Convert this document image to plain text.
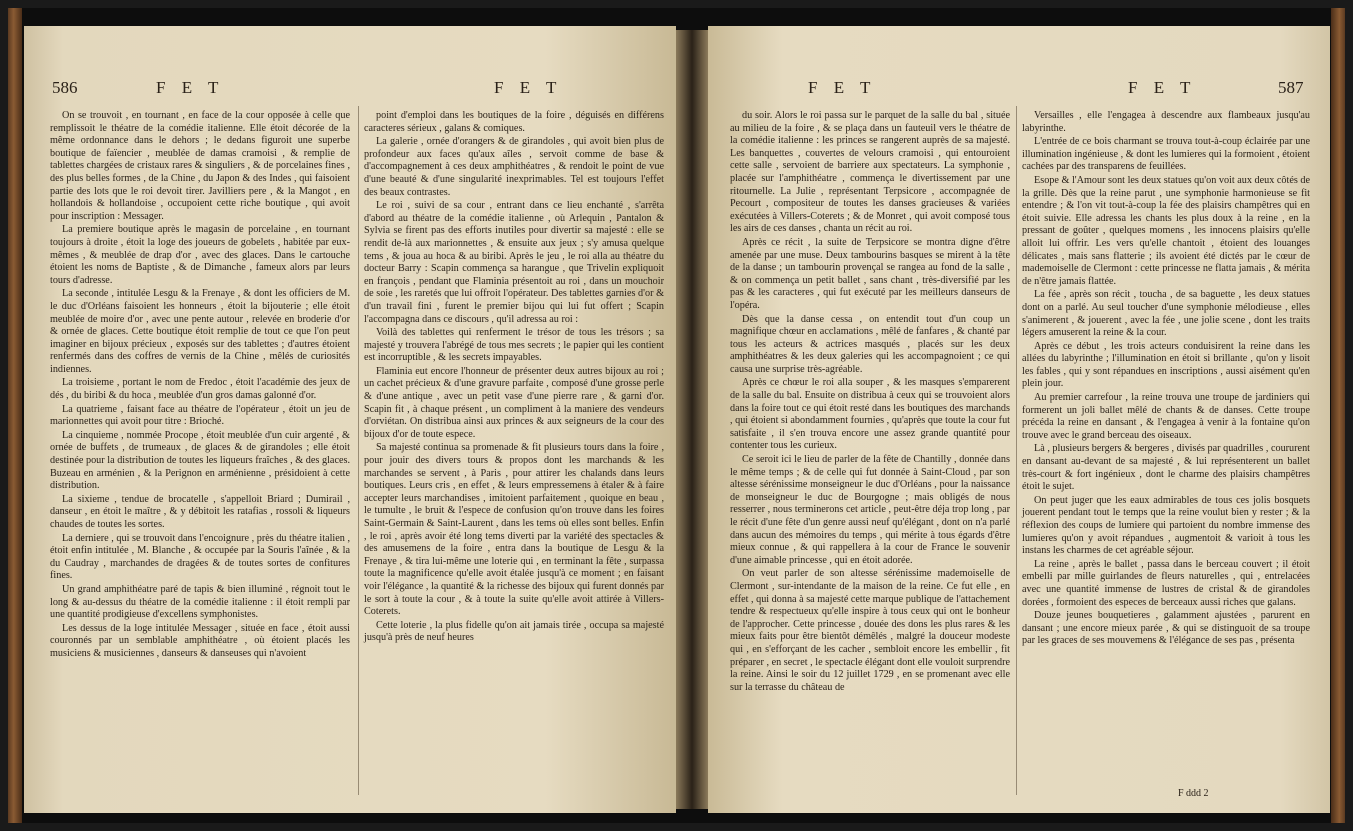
586	F E T	F E T

On se trouvoit , en tournant , en face de la cour opposée à celle que remplissoit le théatre de la comédie italienne. Elle étoit décorée de la même ordonnance dans le dehors ; le dedans figuroit une superbe boutique de faïencier , meublée de damas cramoisi , & remplie de tablettes chargées de cristaux rares & singuliers , & de porcelaines fines , des plus belles formes , de la Chine , du Japon & des Indes , qui faisoient partie des lots que le roi devoit tirer. Javilliers pere , & la Mangot , en hollandois & hollandoise , occupoient cette riche boutique , qui avoit pour inscription : Messager.

La premiere boutique après le magasin de porcelaine , en tournant toujours à droite , étoit la loge des joueurs de gobelets , habitée par eux-mêmes , & meublée de drap d'or , avec des glaces. Dans le cartouche étoient les noms de Baptiste , & de Dimanche , fameux alors par leurs tours d'adresse.

La seconde , intitulée Lesgu & la Frenaye , & dont les officiers de M. le duc d'Orléans faisoient les honneurs , étoit la bijouterie ; elle étoit meublée de moire d'or , avec une pente autour , relevée en broderie d'or & ornée de glaces. Cette boutique étoit remplie de tout ce que l'on peut imaginer en bijoux précieux , exposés sur des tablettes ; d'autres étoient renfermés dans des coffres de vernis de la Chine , mêlés de curiosités indiennes.

La troisieme , portant le nom de Fredoc , étoit l'académie des jeux de dés , du biribi & du hoca , meublée d'un gros damas galonné d'or.

La quatrieme , faisant face au théatre de l'opérateur , étoit un jeu de marionnettes qui avoit pour titre : Brioché.

La cinquieme , nommée Procope , étoit meublée d'un cuir argenté , & ornée de buffets , de trumeaux , de glaces & de girandoles ; elle étoit destinée pour la distribution de toutes les liqueurs fraîches , & des glaces. Buzeau en arménien , & la Perignon en arménienne , présidoient à cette distribution.

La sixieme , tendue de brocatelle , s'appelloit Briard ; Dumirail , danseur , en étoit le maître , & y débitoit les ratafias , rossoli & liqueurs chaudes de toutes les sortes.

La derniere , qui se trouvoit dans l'encoignure , près du théatre italien , étoit enfin intitulée , M. Blanche , & occupée par la Souris l'aînée , & la du Caudray , marchandes de dragées & de toutes sortes de confitures fines.

Un grand amphithéatre paré de tapis & bien illuminé , régnoit tout le long & au-dessus du théatre de la comédie italienne : il étoit rempli par une quantité prodigieuse d'excellens symphonistes.

Les dessus de la loge intitulée Messager , située en face , étoit aussi couronnés par un semblable amphithéatre , où étoient placés les musiciens & musiciennes , danseurs & danseuses qui n'avoient

point d'emploi dans les boutiques de la foire , déguisés en différens caracteres sérieux , galans & comiques.

La galerie , ornée d'orangers & de girandoles , qui avoit bien plus de profondeur aux faces qu'aux aîles , servoit comme de base & d'accompagnement à ces deux amphithéatres , & rendoit le point de vue d'une beauté & d'une singularité inexprimables. Tel est toujours l'effet des beaux contrastes.

Le roi , suivi de sa cour , entrant dans ce lieu enchanté , s'arrêta d'abord au théatre de la comédie italienne , où Arlequin , Pantalon & Sylvia se firent pas des efforts inutiles pour divertir sa majesté : elle se rendit de-là aux marionnettes , & ensuite aux jeux ; s'y amusa quelque tems , & joua au hoca & au biribi. Après le jeu , le roi alla au théatre du docteur Barry : Scapin commença sa harangue , que Trivelin expliquoit en françois , pendant que Flaminia présentoit au roi , dans un mouchoir de soie , les raretés que lui offroit l'opérateur. Des tablettes garnies d'or & d'un travail fini , furent le premier bijou qui lui fut offert ; Scapin l'accompagna dans ce discours , qu'il adressa au roi :

Voilà des tablettes qui renferment le trésor de tous les trésors ; sa majesté y trouvera l'abrégé de tous mes secrets ; le papier qui les contient est incorruptible , & les secrets impayables.

Flaminia eut encore l'honneur de présenter deux autres bijoux au roi ; un cachet précieux & d'une gravure parfaite , composé d'une grosse perle & d'une antique , avec un petit vase d'une pierre rare , & garni d'or. Scapin fit , à chaque présent , un compliment à la maniere des vendeurs d'orviétan. On distribua ainsi aux princes & aux seigneurs de la cour des bijoux d'or de toute espece.

Sa majesté continua sa promenade & fit plusieurs tours dans la foire , pour jouir des divers tours & propos dont les marchands & les marchandes se servent , à Paris , pour attirer les chalands dans leurs boutiques. Leurs cris , en effet , & leurs empressemens à étaler & à faire accepter leurs marchandises , imitoient parfaitement , quoique en beau , le tumulte , le bruit & l'espece de confusion qu'on trouve dans les foires Saint-Germain & Saint-Laurent , dans les tems où elles sont belles. Enfin , le roi , après avoir été long tems diverti par la variété des spectacles & des amusemens de la foire , entra dans la boutique de Lesgu & la Frenaye , & tira lui-même une loterie qui , en terminant la fête , surpassa toute la magnificence qu'elle avoit étalée jusqu'à ce moment ; en faisant voir l'élégance , la quantité & la richesse des bijoux qui furent donnés par le sort à toute la cour , & à toute la suite qu'elle avoit attirée à Villers-Coterets.

Cette loterie , la plus fidelle qu'on ait jamais tirée , occupa sa majesté jusqu'à près de neuf heures

F E T	F E T	587

du soir. Alors le roi passa sur le parquet de la salle du bal , située au milieu de la foire , & se plaça dans un fauteuil vers le théatre de la comédie italienne : les princes se rangerent auprès de sa majesté. Les banquettes , couvertes de velours cramoisi , qui entouroient cette salle , servoient de barriere aux spectateurs. La symphonie , placée sur l'amphithéatre , commença le divertissement par une ritournelle. La Julie , représentant Terpsicore , accompagnée de Pecourt , compositeur de toutes les danses gracieuses & variées exécutées à Villers-Coterets ; & de Monret , qui avoit composé tous les airs de ces danses , chanta un récit au roi.

Après ce récit , la suite de Terpsicore se montra digne d'être amenée par une muse. Deux tambourins basques se mirent à la tête de la danse ; un tambourin provençal se rangea au fond de la salle , & on commença un petit ballet , sans chant , très-diversifié par les pas & les caracteres , qui fut exécuté par les meilleurs danseurs de l'opéra.

Dès que la danse cessa , on entendit tout d'un coup un magnifique chœur en acclamations , mêlé de fanfares , & chanté par tous les acteurs & actrices masqués , placés sur les deux amphithéatres & les deux galeries qui les accompagnoient ; ce qui causa une surprise très-agréable.

Après ce chœur le roi alla souper , & les masques s'emparerent de la salle du bal. Ensuite on distribua à ceux qui se trouvoient alors dans la foire tout ce qui étoit resté dans les boutiques des marchands , qui étoient si abondamment fournies , qu'après que toute la cour fut satisfaite , il s'en trouva encore une assez grande quantité pour contenter tous les curieux.

Ce seroit ici le lieu de parler de la fête de Chantilly , donnée dans le même temps ; & de celle qui fut donnée à Saint-Cloud , par son altesse sérénissime monseigneur le duc d'Orléans , pour la naissance de monseigneur le duc de Bourgogne ; mais obligés de nous resserrer , nous terminerons cet article , peut-être déja trop long , par le récit d'une fête d'un genre aussi neuf qu'élégant , dont on n'a parlé dans aucun des mémoires du temps , qui mérite à tous égards d'être mieux connue , & qui rappellera à la cour de France le souvenir d'une aimable princesse , qui en étoit adorée.

On veut parler de son altesse sérénissime mademoiselle de Clermont , sur-intendante de la maison de la reine. Ce fut elle , en effet , qui donna à sa majesté cette marque publique de l'attachement tendre & respectueux qu'elle inspire à tous ceux qui ont le bonheur de l'approcher. Cette princesse , douée des dons les plus rares & les mieux faits pour être bientôt démêlés , malgré la douceur modeste qui , en s'efforçant de les cacher , sembloit encore les embellir , fit préparer , en secret , le spectacle élégant dont elle vouloit surprendre la reine. Ainsi le soir du 12 juillet 1729 , en se promenant avec elle sur la terrasse du château de

Versailles , elle l'engagea à descendre aux flambeaux jusqu'au labyrinthe.

L'entrée de ce bois charmant se trouva tout-à-coup éclairée par une illumination ingénieuse , & dont les lumieres qui la formoient , étoient cachées par des transparens de feuillées.

Esope & l'Amour sont les deux statues qu'on voit aux deux côtés de la grille. Dès que la reine parut , une symphonie harmonieuse se fit entendre ; & l'on vit tout-à-coup la fée des plaisirs champêtres qui en étoit suivie. Elle adressa les chants les plus doux à la reine , en la pressant de goûter , quelques momens , les innocens plaisirs qu'elle alloit lui offrir. Les vers qu'elle chantoit , étoient des louanges délicates , mais sans flatterie ; ils avoient été dictés par le cœur de mademoiselle de Clermont : cette princesse ne flatta jamais , & mérita de n'être jamais flattée.

La fée , après son récit , toucha , de sa baguette , les deux statues dont on a parlé. Au seul toucher d'une symphonie mélodieuse , elles s'animerent , & jouerent , avec la fée , une jolie scene , dont les traits légers amuserent la reine & la cour.

Après ce début , les trois acteurs conduisirent la reine dans les allées du labyrinthe ; l'illumination en étoit si brillante , qu'on y lisoit les fables , qui y sont répandues en inscriptions , aussi aisément qu'en plein jour.

Au premier carrefour , la reine trouva une troupe de jardiniers qui formerent un joli ballet mêlé de chants & de danses. Cette troupe précéda la reine en dansant , & l'engagea à venir à la fontaine qu'on trouve avec le grand berceau des oiseaux.

Là , plusieurs bergers & bergeres , divisés par quadrilles , coururent en dansant au-devant de sa majesté , & lui représenterent un ballet très-court & fort ingénieux , dont le charme des plaisirs champêtres étoit le sujet.

On peut juger que les eaux admirables de tous ces jolis bosquets jouerent pendant tout le temps que la reine voulut bien y rester ; & la réflexion des coups de lumiere qui partoient du nombre immense des lumieres qu'on y avoit répandues , augmentoit & varioit à tous les instans les charmes de cet agréable séjour.

La reine , après le ballet , passa dans le berceau couvert ; il étoit embelli par mille guirlandes de fleurs naturelles , qui , entrelacées avec une quantité immense de lustres de cristal & de girandoles dorées , formoient des especes de berceaux aussi riches que galans.

Douze jeunes bouquetieres , galamment ajustées , parurent en dansant ; une encore mieux parée , & qui se distinguoit de sa troupe par les graces de ses mouvemens & l'élégance de ses pas , présenta

F ddd 2
